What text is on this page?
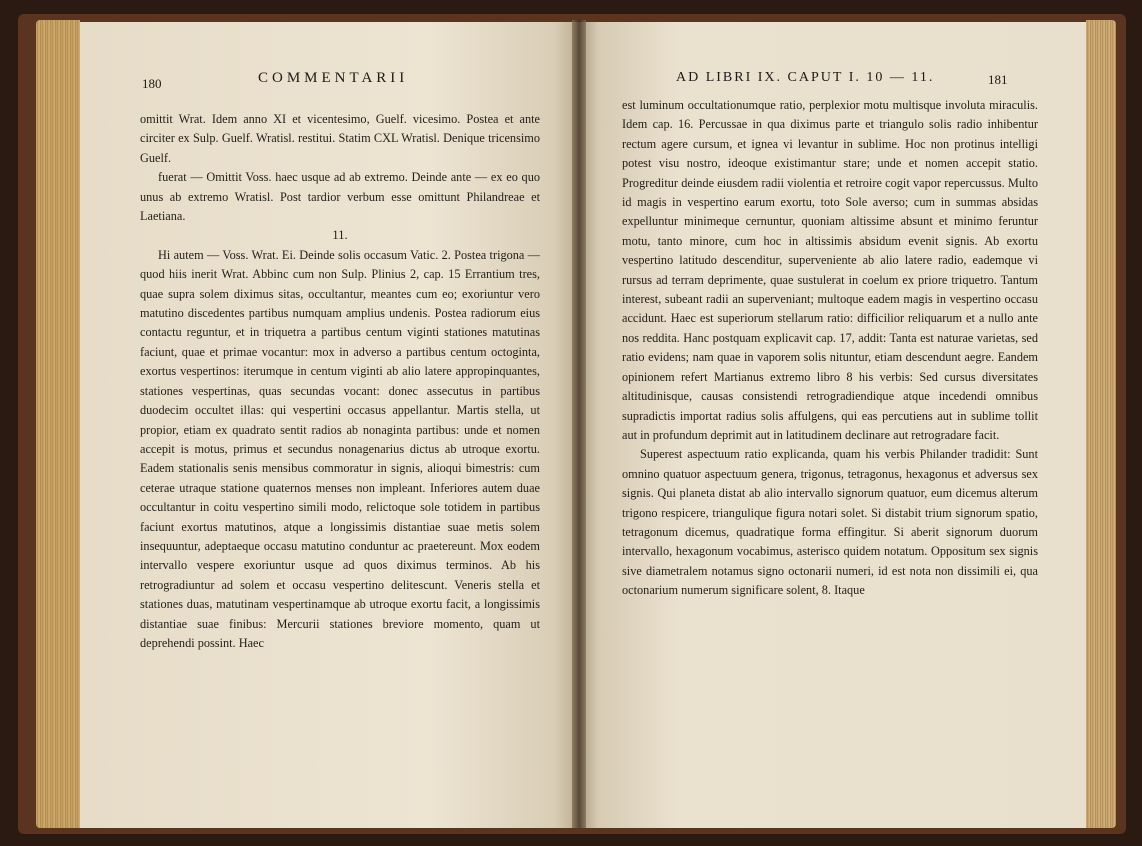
180	COMMENTARII

omittit Wrat. Idem anno XI et vicentesimo, Guelf. vicesimo. Postea et ante circiter ex Sulp. Guelf. Wratisl. restitui. Statim CXL Wratisl. Denique tricensimo Guelf.

fuerat — Omittit Voss. haec usque ad ab extremo. Deinde ante — ex eo quo unus ab extremo Wratisl. Post tardior verbum esse omittunt Philandreae et Laetiana.

11.

Hi autem — Voss. Wrat. Ei. Deinde solis occasum Vatic. 2. Postea trigona — quod hiis inerit Wrat. Abbinc cum non Sulp. Plinius 2, cap. 15 Errantium tres, quae supra solem diximus sitas, occultantur, meantes cum eo; exoriuntur vero matutino discedentes partibus numquam amplius undenis. Postea radiorum eius contactu reguntur, et in triquetra a partibus centum viginti stationes matutinas faciunt, quae et primae vocantur: mox in adverso a partibus centum octoginta, exortus vespertinos: iterumque in centum viginti ab alio latere appropinquantes, stationes vespertinas, quas secundas vocant: donec assecutus in partibus duodecim occultet illas: qui vespertini occasus appellantur. Martis stella, ut propior, etiam ex quadrato sentit radios ab nonaginta partibus: unde et nomen accepit is motus, primus et secundus nonagenarius dictus ab utroque exortu. Eadem stationalis senis mensibus commoratur in signis, alioqui bimestris: cum ceterae utraque statione quaternos menses non impleant. Inferiores autem duae occultantur in coitu vespertino simili modo, relictoque sole totidem in partibus faciunt exortus matutinos, atque a longissimis distantiae suae metis solem insequuntur, adeptaeque occasu matutino conduntur ac praetereunt. Mox eodem intervallo vespere exoriuntur usque ad quos diximus terminos. Ab his retrogradiuntur ad solem et occasu vespertino delitescunt. Veneris stella et stationes duas, matutinam vespertinamque ab utroque exortu facit, a longissimis distantiae suae finibus: Mercurii stationes breviore momento, quam ut deprehendi possint. Haec

AD LIBRI IX. CAPUT I. 10 — 11.	181

est luminum occultationumque ratio, perplexior motu multisque involuta miraculis. Idem cap. 16. Percussae in qua diximus parte et triangulo solis radio inhibentur rectum agere cursum, et ignea vi levantur in sublime. Hoc non protinus intelligi potest visu nostro, ideoque existimantur stare; unde et nomen accepit statio. Progreditur deinde eiusdem radii violentia et retroire cogit vapor repercussus. Multo id magis in vespertino earum exortu, toto Sole averso; cum in summas absidas expelluntur minimeque cernuntur, quoniam altissime absunt et minimo feruntur motu, tanto minore, cum hoc in altissimis absidum evenit signis. Ab exortu vespertino latitudo descenditur, superveniente ab alio latere radio, eademque vi rursus ad terram deprimente, quae sustulerat in coelum ex priore triquetro. Tantum interest, subeant radii an superveniant; multoque eadem magis in vespertino occasu accidunt. Haec est superiorum stellarum ratio: difficilior reliquarum et a nullo ante nos reddita. Hanc postquam explicavit cap. 17, addit: Tanta est naturae varietas, sed ratio evidens; nam quae in vaporem solis nituntur, etiam descendunt aegre. Eandem opinionem refert Martianus extremo libro 8 his verbis: Sed cursus diversitates altitudinisque, causas consistendi retrogradiendique atque incedendi omnibus supradictis importat radius solis affulgens, qui eas percutiens aut in sublime tollit aut in profundum deprimit aut in latitudinem declinare aut retrogradare facit.

Superest aspectuum ratio explicanda, quam his verbis Philander tradidit: Sunt omnino quatuor aspectuum genera, trigonus, tetragonus, hexagonus et adversus sex signis. Qui planeta distat ab alio intervallo signorum quatuor, eum dicemus alterum trigono respicere, triangulique figura notari solet. Si distabit trium signorum spatio, tetragonum dicemus, quadratique forma effingitur. Si aberit signorum duorum intervallo, hexagonum vocabimus, asterisco quidem notatum. Oppositum sex signis sive diametralem notamus signo octonarii numeri, id est nota non dissimili ei, qua octonarium numerum significare solent, 8. Itaque
